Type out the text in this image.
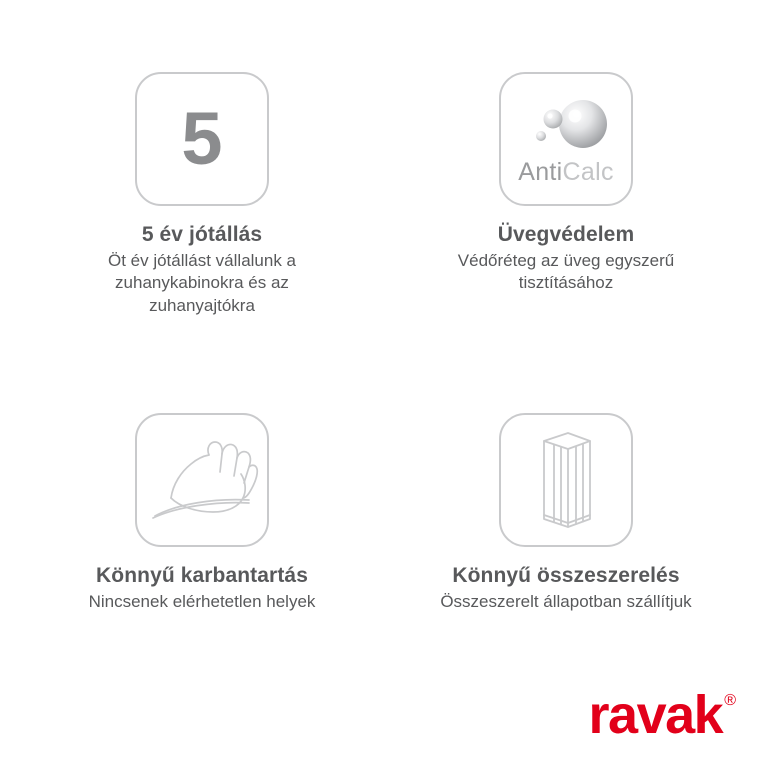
5
5 év jótállás
Öt év jótállást vállalunk a zuhanykabinokra és az zuhanyajtókra
AntiCalc
Üvegvédelem
Védőréteg az üveg egyszerű tisztításához
Könnyű karbantartás
Nincsenek elérhetetlen helyek
Könnyű összeszerelés
Összeszerelt állapotban szállítjuk
ravak ®
